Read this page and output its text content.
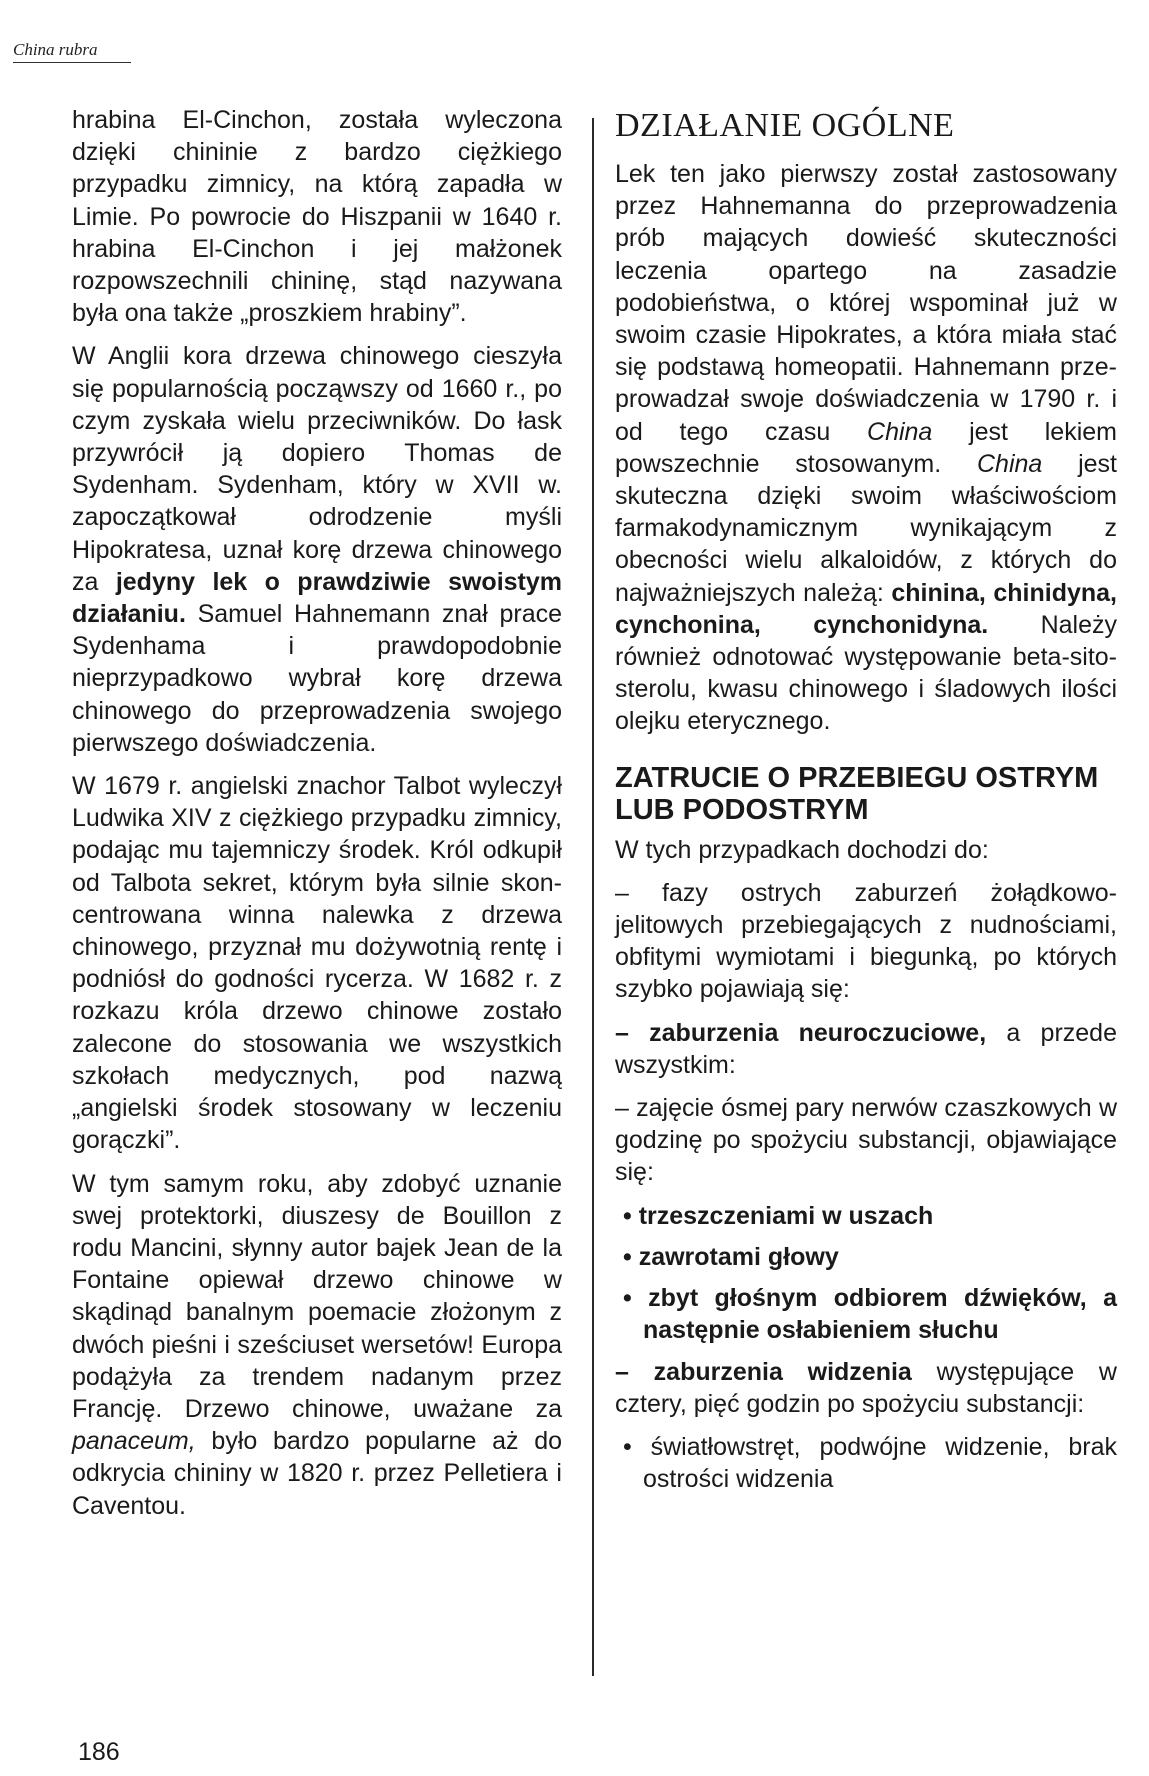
China rubra

hrabina El-Cinchon, została wyleczona dzięki chininie z bardzo ciężkiego przypadku zimnicy, na którą zapadła w Limie. Po powrocie do Hiszpanii w 1640 r. hrabina El-Cinchon i jej małżonek rozpowszechnili chininę, stąd nazywana była ona także „proszkiem hrabiny”.

W Anglii kora drzewa chinowego cieszyła się popularnością począwszy od 1660 r., po czym zyskała wielu przeciwników. Do łask przywrócił ją dopiero Thomas de Sydenham. Sydenham, który w XVII w. zapoczątkował odrodzenie myśli Hipokratesa, uznał korę drzewa chinowego za jedyny lek o prawdziwie swoistym działaniu. Samuel Hahnemann znał prace Sydenhama i prawdopodobnie nieprzypadkowo wybrał korę drzewa chinowego do przeprowadzenia swojego pierwszego doświadczenia.

W 1679 r. angielski znachor Talbot wyleczył Ludwika XIV z ciężkiego przypadku zimnicy, podając mu tajemniczy środek. Król odkupił od Talbota sekret, którym była silnie skoncentrowana winna nalewka z drzewa chinowego, przyznał mu dożywotnią rentę i podniósł do godności rycerza. W 1682 r. z rozkazu króla drzewo chinowe zostało zalecone do stosowania we wszystkich szkołach medycznych, pod nazwą „angielski środek stosowany w leczeniu gorączki”.

W tym samym roku, aby zdobyć uznanie swej protektorki, diuszesy de Bouillon z rodu Mancini, słynny autor bajek Jean de la Fontaine opiewał drzewo chinowe w skądinąd banalnym poemacie złożonym z dwóch pieśni i sześciuset wersetów! Europa podążyła za trendem nadanym przez Francję. Drzewo chinowe, uważane za panaceum, było bardzo popularne aż do odkrycia chininy w 1820 r. przez Pelletiera i Caventou.

DZIAŁANIE OGÓLNE

Lek ten jako pierwszy został zastosowany przez Hahnemanna do przeprowadzenia prób mających dowieść skuteczności leczenia opartego na zasadzie podobieństwa, o której wspominał już w swoim czasie Hipokrates, a która miała stać się podstawą homeopatii. Hahnemann przeprowadzał swoje doświadczenia w 1790 r. i od tego czasu China jest lekiem powszechnie stosowanym. China jest skuteczna dzięki swoim właściwościom farmakodynamicznym wynikającym z obecności wielu alkaloidów, z których do najważniejszych należą: chinina, chinidyna, cynchonina, cynchonidyna. Należy również odnotować występowanie beta-sitosterolu, kwasu chinowego i śladowych ilości olejku eterycznego.

ZATRUCIE O PRZEBIEGU OSTRYM LUB PODOSTRYM

W tych przypadkach dochodzi do:

– fazy ostrych zaburzeń żołądkowo-jelitowych przebiegających z nudnościami, obfitymi wymiotami i biegunką, po których szybko pojawiają się:

– zaburzenia neuroczuciowe, a przede wszystkim:

– zajęcie ósmej pary nerwów czaszkowych w godzinę po spożyciu substancji, objawiające się:

• trzeszczeniami w uszach
• zawrotami głowy
• zbyt głośnym odbiorem dźwięków, a następnie osłabieniem słuchu

– zaburzenia widzenia występujące w cztery, pięć godzin po spożyciu substancji:

• światłowstręt, podwójne widzenie, brak ostrości widzenia
186
